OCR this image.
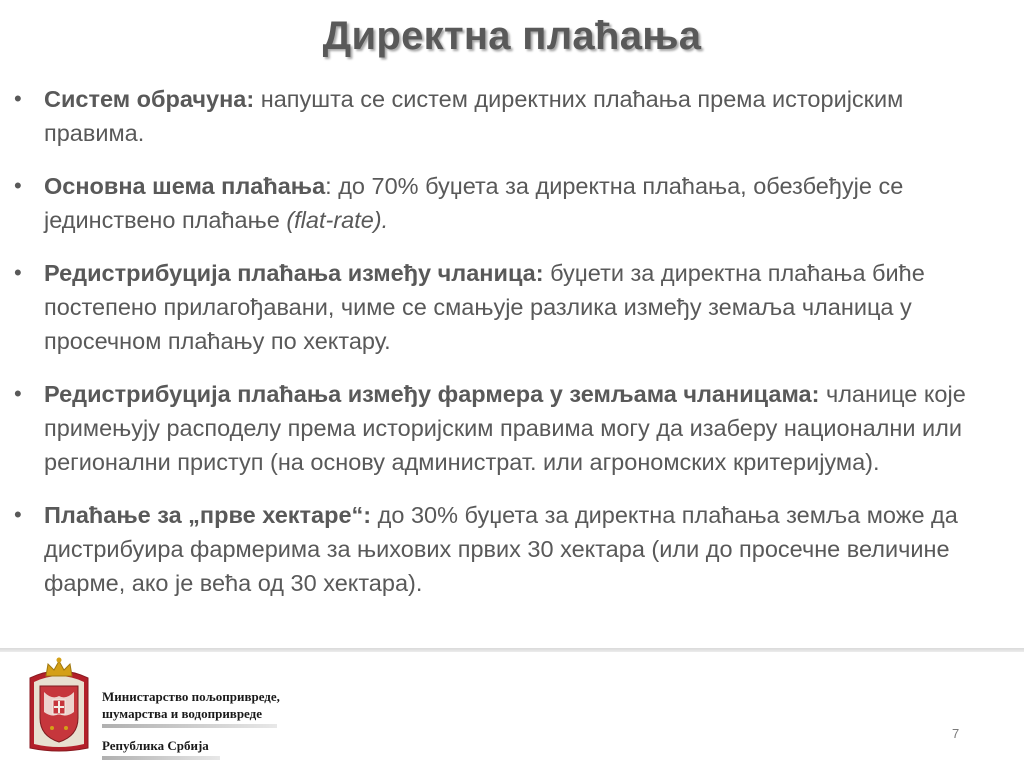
Директна плаћања
• Систем обрачуна: напушта се систем директних плаћања према историјским правима.
• Основна шема плаћања: до 70% буџета за директна плаћања, обезбеђује се јединствено плаћање (flat-rate).
• Редистрибуција плаћања између чланица: буџети за директна плаћања биће постепено прилагођавани, чиме се смањује разлика између земаља чланица у просечном плаћању по хектару.
• Редистрибуција плаћања између фармера у земљама чланицама: чланице које примењују расподелу према историјским правима могу да изаберу национални или регионални приступ (на основу администрат. или агрономских критеријума).
• Плаћање за „прве хектаре“: до 30% буџета за директна плаћања земља може да дистрибуира фармерима за њихових првих 30 хектара (или до просечне величине фарме, ако је већа од 30 хектара).
Министарство пољопривреде,
шумарства и водопривреде
Република Србија
7
